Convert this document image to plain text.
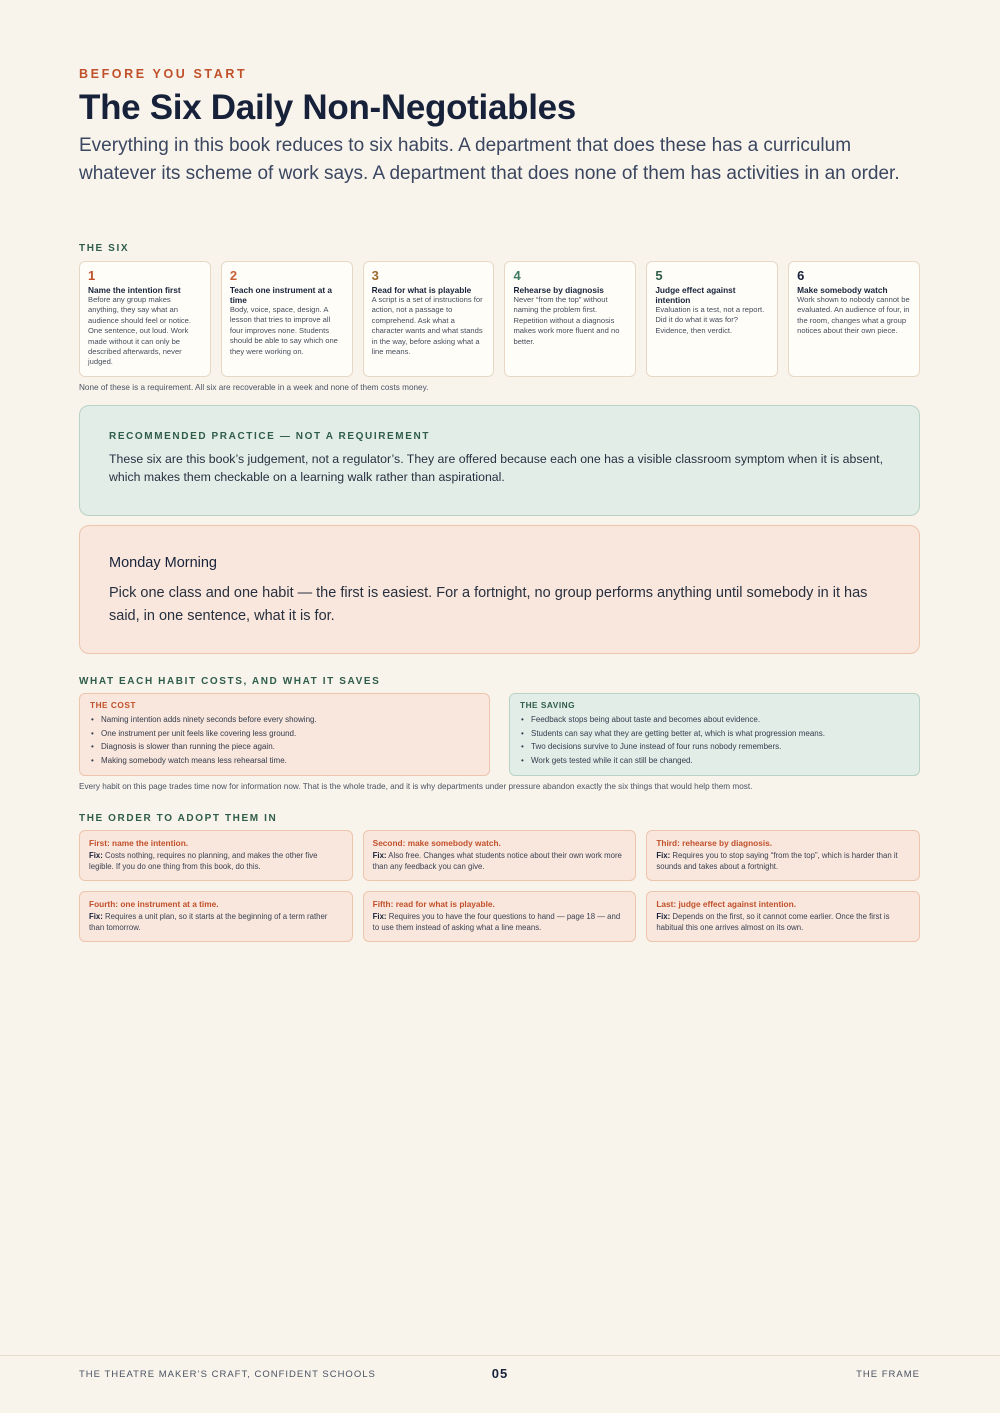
BEFORE YOU START
The Six Daily Non-Negotiables

Everything in this book reduces to six habits. A department that does these has a curriculum whatever its scheme of work says. A department that does none of them has activities in an order.

THE SIX
1
Name the intention first
Before any group makes anything, they say what an audience should feel or notice. One sentence, out loud. Work made without it can only be described afterwards, never judged.
2
Teach one instrument at a time
Body, voice, space, design. A lesson that tries to improve all four improves none. Students should be able to say which one they were working on.
3
Read for what is playable
A script is a set of instructions for action, not a passage to comprehend. Ask what a character wants and what stands in the way, before asking what a line means.
4
Rehearse by diagnosis
Never “from the top” without naming the problem first. Repetition without a diagnosis makes work more fluent and no better.
5
Judge effect against intention
Evaluation is a test, not a report. Did it do what it was for? Evidence, then verdict.
6
Make somebody watch
Work shown to nobody cannot be evaluated. An audience of four, in the room, changes what a group notices about their own piece.
None of these is a requirement. All six are recoverable in a week and none of them costs money.
RECOMMENDED PRACTICE — NOT A REQUIREMENT
These six are this book’s judgement, not a regulator’s. They are offered because each one has a visible classroom symptom when it is absent, which makes them checkable on a learning walk rather than aspirational.
Monday Morning
Pick one class and one habit — the first is easiest. For a fortnight, no group performs anything until somebody in it has said, in one sentence, what it is for.
WHAT EACH HABIT COSTS, AND WHAT IT SAVES
THE COST
• Naming intention adds ninety seconds before every showing.
• One instrument per unit feels like covering less ground.
• Diagnosis is slower than running the piece again.
• Making somebody watch means less rehearsal time.
THE SAVING
• Feedback stops being about taste and becomes about evidence.
• Students can say what they are getting better at, which is what progression means.
• Two decisions survive to June instead of four runs nobody remembers.
• Work gets tested while it can still be changed.
Every habit on this page trades time now for information now. That is the whole trade, and it is why departments under pressure abandon exactly the six things that would help them most.
THE ORDER TO ADOPT THEM IN
First: name the intention.
Fix: Costs nothing, requires no planning, and makes the other five legible. If you do one thing from this book, do this.
Second: make somebody watch.
Fix: Also free. Changes what students notice about their own work more than any feedback you can give.
Third: rehearse by diagnosis.
Fix: Requires you to stop saying “from the top”, which is harder than it sounds and takes about a fortnight.
Fourth: one instrument at a time.
Fix: Requires a unit plan, so it starts at the beginning of a term rather than tomorrow.
Fifth: read for what is playable.
Fix: Requires you to have the four questions to hand — page 18 — and to use them instead of asking what a line means.
Last: judge effect against intention.
Fix: Depends on the first, so it cannot come earlier. Once the first is habitual this one arrives almost on its own.
THE THEATRE MAKER’S CRAFT, CONFIDENT SCHOOLS	05	THE FRAME
